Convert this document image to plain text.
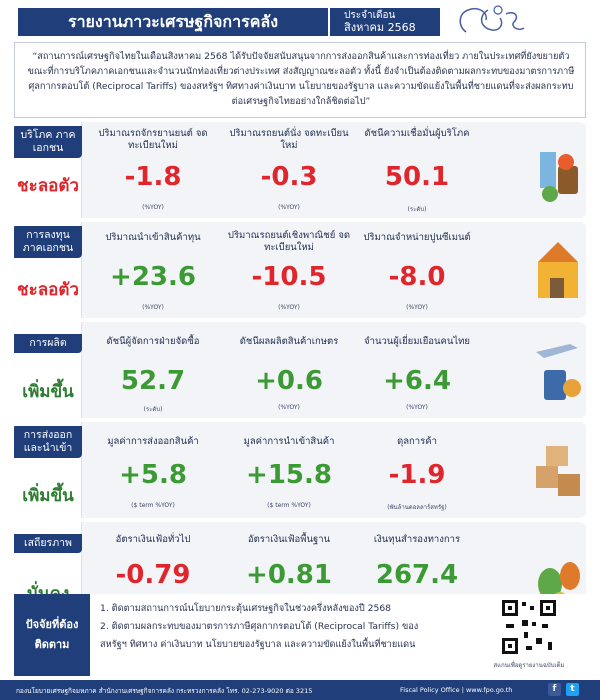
รายงานภาวะเศรษฐกิจการคลัง	ประจำเดือน
สิงหาคม 2568
“สถานการณ์เศรษฐกิจไทยในเดือนสิงหาคม 2568 ได้รับปัจจัยสนับสนุนจากการส่งออกสินค้าและการท่องเที่ยว ภายในประเทศที่ยังขยายตัว ขณะที่การบริโภคภาคเอกชนและจำนวนนักท่องเที่ยวต่างประเทศ ส่งสัญญาณชะลอตัว ทั้งนี้ ยังจำเป็นต้องติดตามผลกระทบของมาตรการภาษีศุลกากรตอบโต้ (Reciprocal Tariffs) ของสหรัฐฯ ทิศทางค่าเงินบาท นโยบายของรัฐบาล และความขัดแย้งในพื้นที่ชายแดนที่จะส่งผลกระทบต่อเศรษฐกิจไทยอย่างใกล้ชิดต่อไป”
บริโภค ภาคเอกชน
ชะลอตัว
ปริมาณรถจักรยานยนต์ จดทะเบียนใหม่
-1.8
(%YOY)
ปริมาณรถยนต์นั่ง จดทะเบียนใหม่
-0.3
(%YOY)
ดัชนีความเชื่อมั่นผู้บริโภค
50.1
(ระดับ)
การลงทุน ภาคเอกชน
ชะลอตัว
ปริมาณนำเข้าสินค้าทุน
+23.6
(%YOY)
ปริมาณรถยนต์เชิงพาณิชย์ จดทะเบียนใหม่
-10.5
(%YOY)
ปริมาณจำหน่ายปูนซีเมนต์
-8.0
(%YOY)
การผลิต
เพิ่มขึ้น
ดัชนีผู้จัดการฝ่ายจัดซื้อ
52.7
(ระดับ)
ดัชนีผลผลิตสินค้าเกษตร
+0.6
(%YOY)
จำนวนผู้เยี่ยมเยือนคนไทย
+6.4
(%YOY)
การส่งออก และนำเข้า
เพิ่มขึ้น
มูลค่าการส่งออกสินค้า
+5.8
($ term %YOY)
มูลค่าการนำเข้าสินค้า
+15.8
($ term %YOY)
ดุลการค้า
-1.9
(พันล้านดอลลาร์สหรัฐ)
เสถียรภาพ	อัตราเงินเฟ้อทั่วไป
-0.79
อัตราเงินเฟ้อพื้นฐาน
+0.81
เงินทุนสำรองทางการ
267.4
ปัจจัยที่ต้อง ติดตาม
1. ติดตามสถานการณ์นโยบายกระตุ้นเศรษฐกิจในช่วงครึ่งหลังของปี 2568
2. ติดตามผลกระทบของมาตรการภาษีศุลกากรตอบโต้ (Reciprocal Tariffs) ของสหรัฐฯ ทิศทาง ค่าเงินบาท นโยบายของรัฐบาล และความขัดแย้งในพื้นที่ชายแดน
สแกนเพื่อดูรายงานฉบับเต็ม
กองนโยบายเศรษฐกิจมหภาค สำนักงานเศรษฐกิจการคลัง กระทรวงการคลัง โทร. 02-273-9020 ต่อ 3215	Fiscal Policy Office | www.fpo.go.th	f	t
